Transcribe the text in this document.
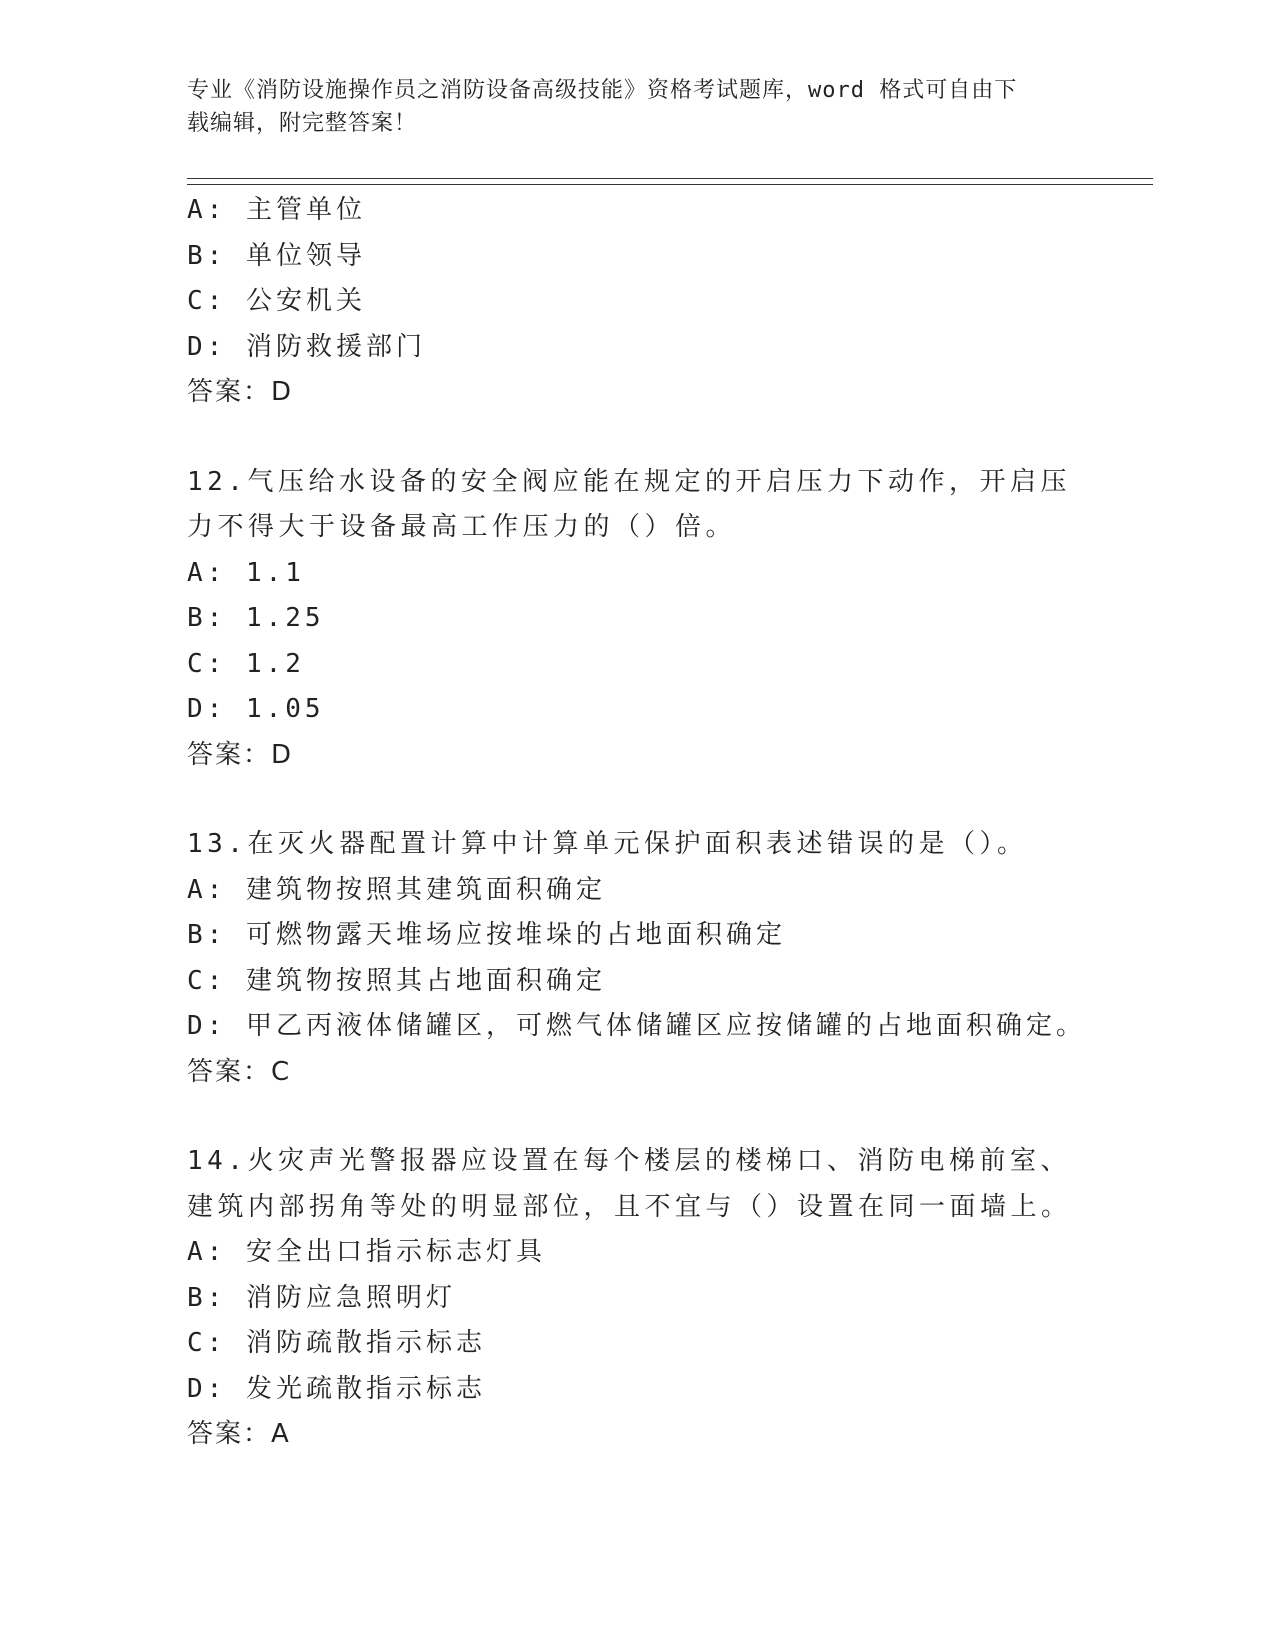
专业《消防设施操作员之消防设备高级技能》资格考试题库，word 格式可自由下
载编辑，附完整答案！
A: 主管单位
B: 单位领导
C: 公安机关
D: 消防救援部门
答案：D
12.气压给水设备的安全阀应能在规定的开启压力下动作，开启压力不得大于设备最高工作压力的（）倍。
A: 1.1
B: 1.25
C: 1.2
D: 1.05
答案：D
13.在灭火器配置计算中计算单元保护面积表述错误的是（）。
A: 建筑物按照其建筑面积确定
B: 可燃物露天堆场应按堆垛的占地面积确定
C: 建筑物按照其占地面积确定
D: 甲乙丙液体储罐区，可燃气体储罐区应按储罐的占地面积确定。
答案：C
14.火灾声光警报器应设置在每个楼层的楼梯口、消防电梯前室、建筑内部拐角等处的明显部位，且不宜与（）设置在同一面墙上。
A: 安全出口指示标志灯具
B: 消防应急照明灯
C: 消防疏散指示标志
D: 发光疏散指示标志
答案：A
